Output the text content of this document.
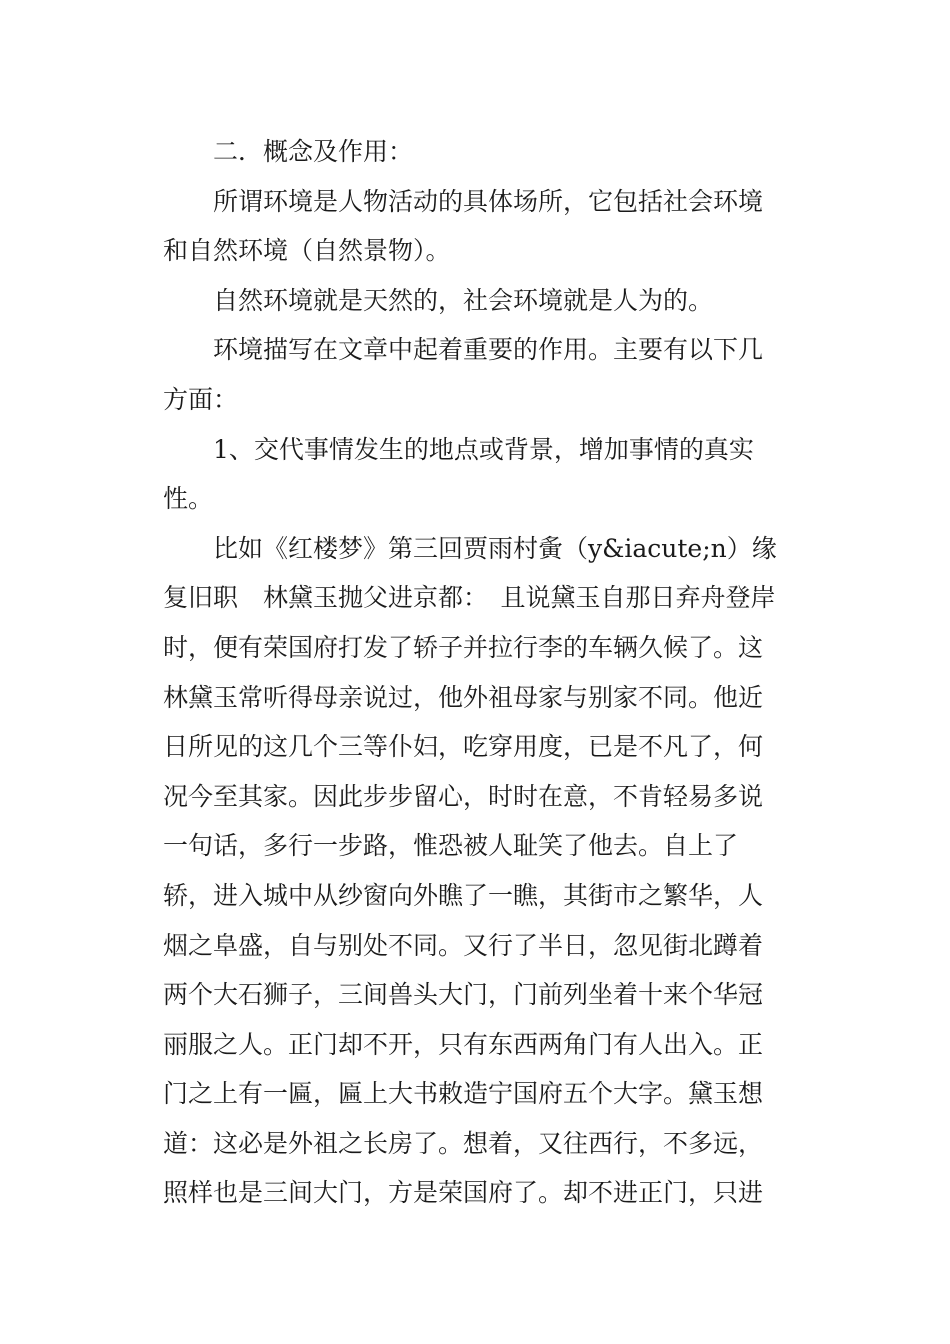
二．概念及作用：
所谓环境是人物活动的具体场所，它包括社会环境
和自然环境（自然景物）。
自然环境就是天然的，社会环境就是人为的。
环境描写在文章中起着重要的作用。主要有以下几
方面：
1、交代事情发生的地点或背景，增加事情的真实
性。
比如《红楼梦》第三回贾雨村夤（y&iacute;n）缘
复旧职　林黛玉抛父进京都：　且说黛玉自那日弃舟登岸
时，便有荣国府打发了轿子并拉行李的车辆久候了。这
林黛玉常听得母亲说过，他外祖母家与别家不同。他近
日所见的这几个三等仆妇，吃穿用度，已是不凡了，何
况今至其家。因此步步留心，时时在意，不肯轻易多说
一句话，多行一步路，惟恐被人耻笑了他去。自上了
轿，进入城中从纱窗向外瞧了一瞧，其街市之繁华，人
烟之阜盛，自与别处不同。又行了半日，忽见街北蹲着
两个大石狮子，三间兽头大门，门前列坐着十来个华冠
丽服之人。正门却不开，只有东西两角门有人出入。正
门之上有一匾，匾上大书敕造宁国府五个大字。黛玉想
道：这必是外祖之长房了。想着，又往西行，不多远，
照样也是三间大门，方是荣国府了。却不进正门，只进
